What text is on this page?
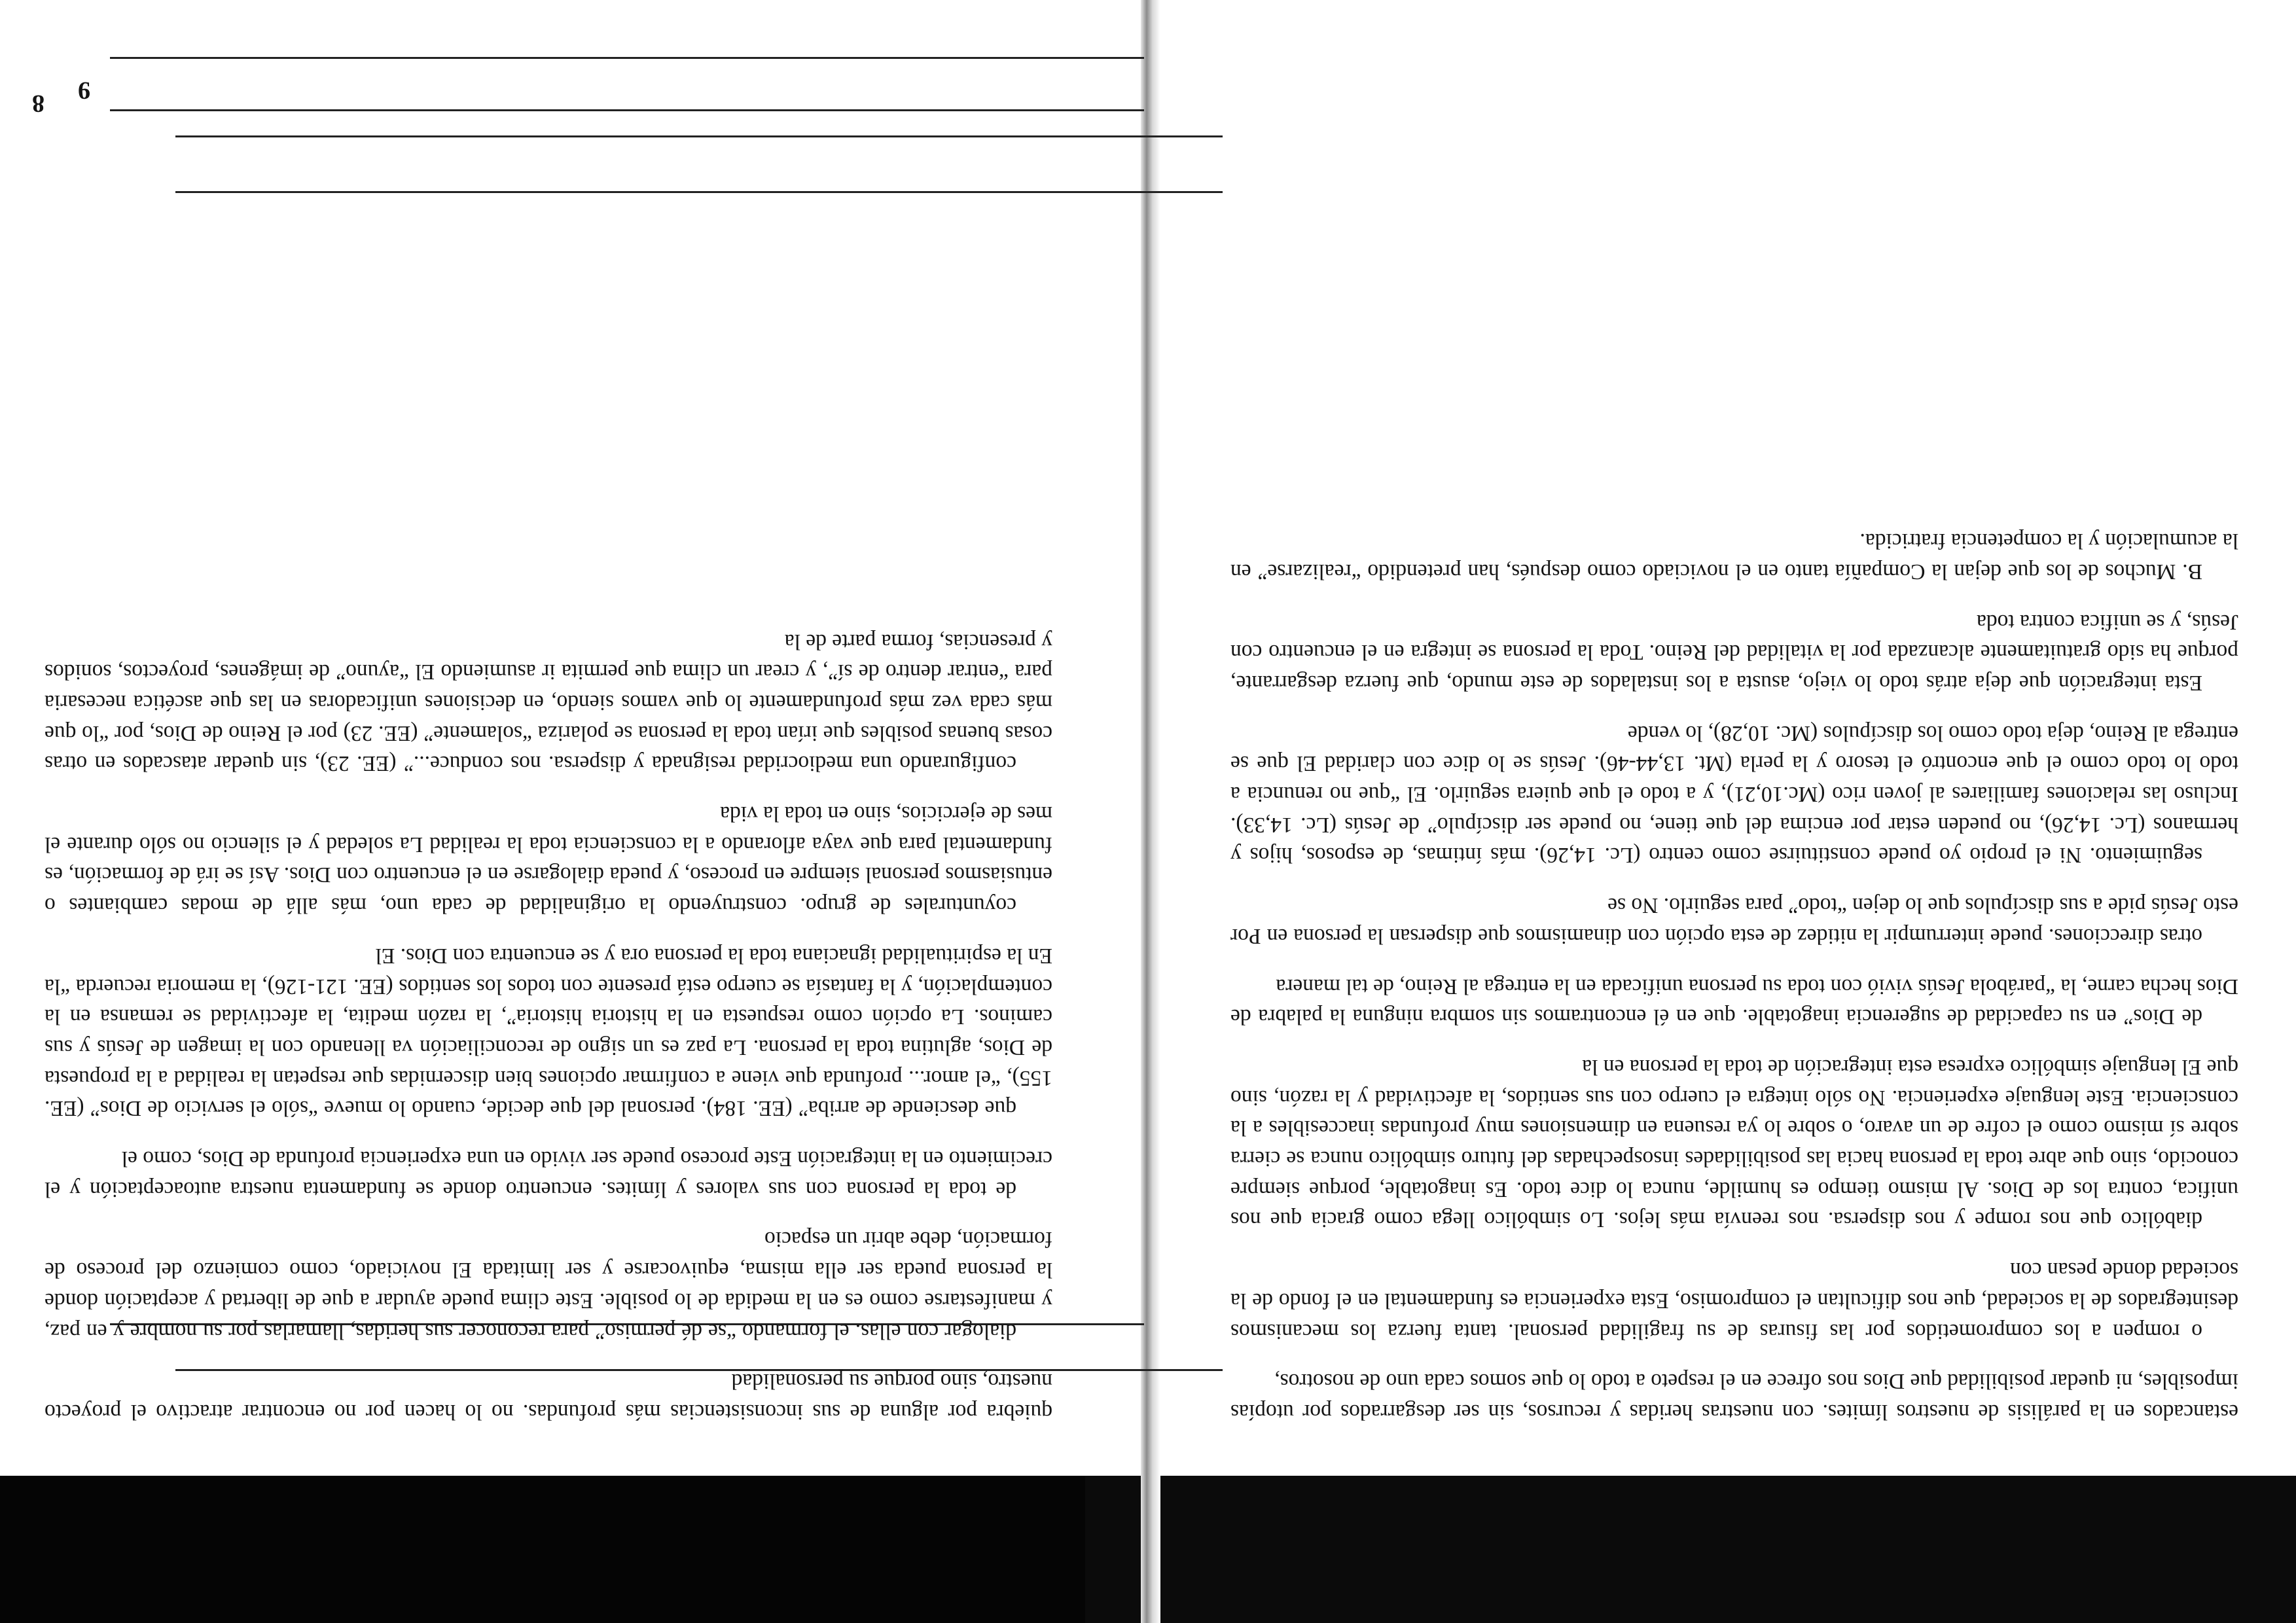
8

quiebra por alguna de sus inconsistencias más profundas. no lo hacen por no encontrar atractivo el proyecto nuestro, sino porque su personalidad

dialogar con ellas. el formando “se dé permiso” para reconocer sus heridas, llamarlas por su nombre y en paz, y manifestarse como es en la medida de lo posible. Este clima puede ayudar a que de libertad y aceptación donde la persona pueda ser ella misma, equivocarse y ser limitada El noviciado, como comienzo del proceso de formación, debe abrir un espacio

de toda la persona con sus valores y límites. encuentro donde se fundamenta nuestra autoaceptación y el crecimiento en la integración Este proceso puede ser vivido en una experiencia profunda de Dios, como el

que desciende de arriba” (EE. 184). personal del que decide, cuando lo mueve “sólo el servicio de Dios” (EE. 155), “el amor... profunda que viene a confirmar opciones bien discernidas que respetan la realidad a la propuesta de Dios, aglutina toda la persona. La paz es un signo de reconciliación va llenando con la imagen de Jesús y sus caminos. La opción como respuesta en la historia historia”, la razón medita, la afectividad se remansa en la contemplación, y la fantasía se cuerpo está presente con todos los sentidos (EE. 121-126), la memoria recuerda “la En la espiritualidad ignaciana toda la persona ora y se encuentra con Dios. El

coyunturales de grupo. construyendo la originalidad de cada uno, más allá de modas cambiantes o entusiasmos personal siempre en proceso, y pueda dialogarse en el encuentro con Dios. Así se irá de formación, es fundamental para que vaya aflorando a la consciencia toda la realidad La soledad y el silencio no sólo durante el mes de ejercicios, sino en toda la vida

configurando una mediocridad resignada y dispersa. nos conduce...” (EE. 23), sin quedar atascados en otras cosas buenas posibles que irían toda la persona se polariza “solamente” (EE. 23) por el Reino de Dios, por “lo que más cada vez más profundamente lo que vamos siendo, en decisiones unificadoras en las que ascética necesaria para “entrar dentro de sí”, y crear un clima que permita ir asumiendo El “ayuno” de imágenes, proyectos, sonidos y presencias, forma parte de la

9

estancados en la parálisis de nuestros límites. con nuestras heridas y recursos, sin ser desgarrados por utopías imposibles, ni quedar posibilidad que Dios nos ofrece en el respeto a todo lo que somos cada uno de nosotros,

o rompen a los comprometidos por las fisuras de su fragilidad personal. tanta fuerza los mecanismos desintegrados de la sociedad, que nos dificultan el compromiso, Esta experiencia es fundamental en el fondo de la sociedad donde pesan con

diabólico que nos rompe y nos dispersa. nos reenvía más lejos. Lo simbólico llega como gracia que nos unifica, contra los de Dios. Al mismo tiempo es humilde, nunca lo dice todo. Es inagotable, porque siempre conocido, sino que abre toda la persona hacia las posibilidades insospechadas del futuro simbólico nunca se cierra sobre sí mismo como el cofre de un avaro, o sobre lo ya resuena en dimensiones muy profundas inaccesibles a la consciencia. Este lenguaje experiencia. No sólo integra el cuerpo con sus sentidos, la afectividad y la razón, sino que El lenguaje simbólico expresa esta integración de toda la persona en la

de Dios” en su capacidad de sugerencia inagotable. que en él encontramos sin sombra ninguna la palabra de Dios hecha carne, la “parábola Jesús vivió con toda su persona unificada en la entrega al Reino, de tal manera

otras direcciones. puede interrumpir la nitidez de esta opción con dinamismos que dispersan la persona en Por esto Jesús pide a sus discípulos que lo dejen “todo” para seguirlo. No se

seguimiento. Ni el propio yo puede constituirse como centro (Lc. 14,26). más íntimas, de esposos, hijos y hermanos (Lc. 14,26), no pueden estar por encima del que tiene, no puede ser discípulo” de Jesús (Lc. 14,33). Incluso las relaciones familiares al joven rico (Mc.10,21), y a todo el que quiera seguirlo. El “que no renuncia a todo lo todo como el que encontró el tesoro y la perla (Mt. 13,44-46). Jesús se lo dice con claridad El que se entrega al Reino, deja todo como los discípulos (Mc. 10,28), lo vende

Esta integración que deja atrás todo lo viejo, asusta a los instalados de este mundo, que fuerza desgarrante, porque ha sido gratuitamente alcanzada por la vitalidad del Reino. Toda la persona se integra en el encuentro con Jesús, y se unifica contra toda

B. Muchos de los que dejan la Compañía tanto en el noviciado como después, han pretendido “realizarse” en la acumulación y la competencia fratricida.
